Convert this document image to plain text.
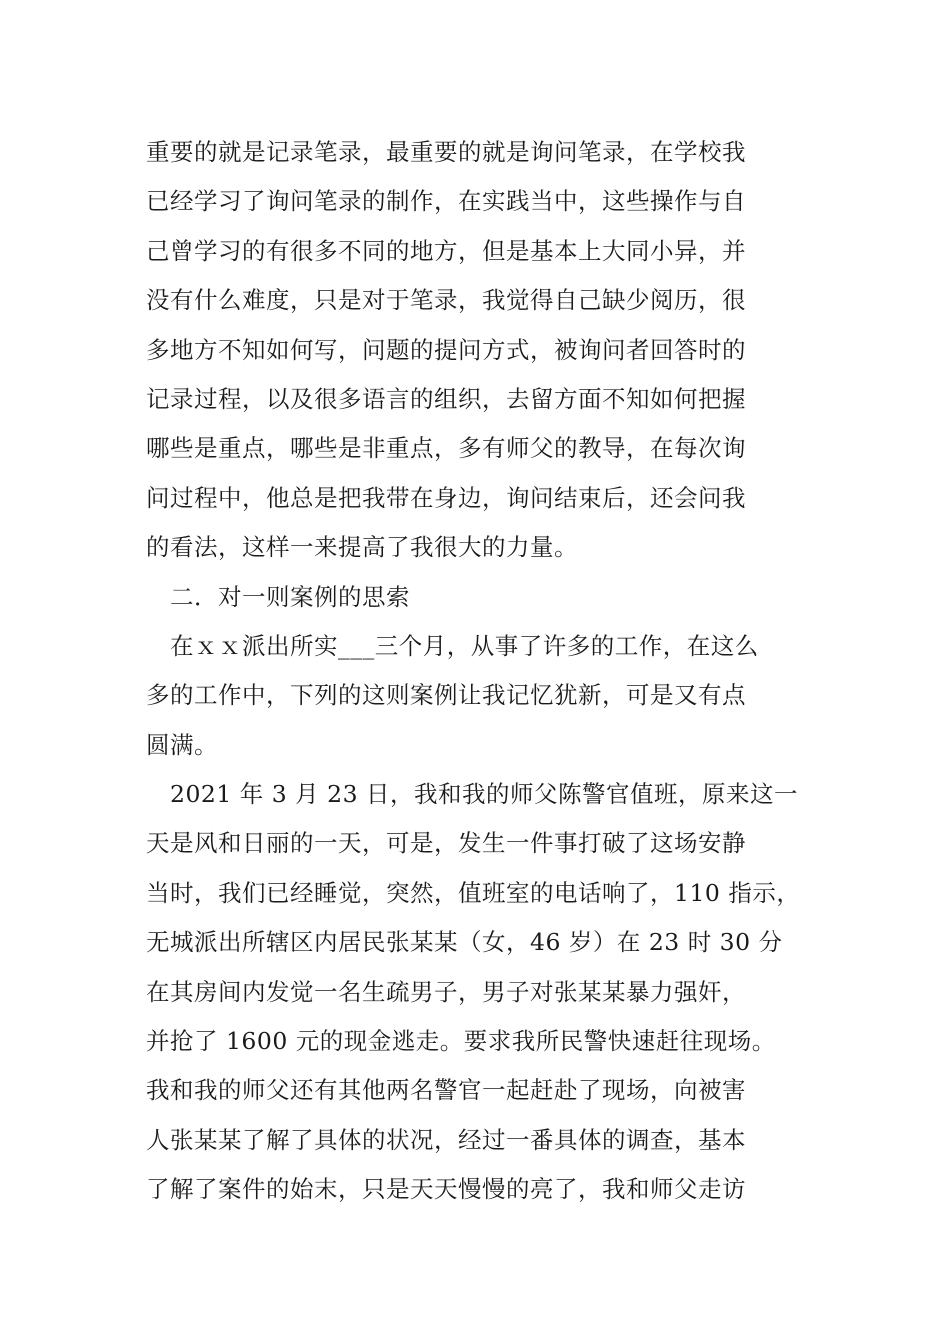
重要的就是记录笔录，最重要的就是询问笔录，在学校我
已经学习了询问笔录的制作，在实践当中，这些操作与自
己曾学习的有很多不同的地方，但是基本上大同小异，并
没有什么难度，只是对于笔录，我觉得自己缺少阅历，很
多地方不知如何写，问题的提问方式，被询问者回答时的
记录过程，以及很多语言的组织，去留方面不知如何把握
哪些是重点，哪些是非重点，多有师父的教导，在每次询
问过程中，他总是把我带在身边，询问结束后，还会问我
的看法，这样一来提高了我很大的力量。
二．对一则案例的思索
在ｘｘ派出所实___三个月，从事了许多的工作，在这么
多的工作中，下列的这则案例让我记忆犹新，可是又有点
圆满。
2021 年 3 月 23 日，我和我的师父陈警官值班，原来这一
天是风和日丽的一天，可是，发生一件事打破了这场安静
当时，我们已经睡觉，突然，值班室的电话响了，110 指示，
无城派出所辖区内居民张某某（女，46 岁）在 23 时 30 分
在其房间内发觉一名生疏男子，男子对张某某暴力强奸，
并抢了 1600 元的现金逃走。要求我所民警快速赶往现场。
我和我的师父还有其他两名警官一起赶赴了现场，向被害
人张某某了解了具体的状况，经过一番具体的调查，基本
了解了案件的始末，只是天天慢慢的亮了，我和师父走访
